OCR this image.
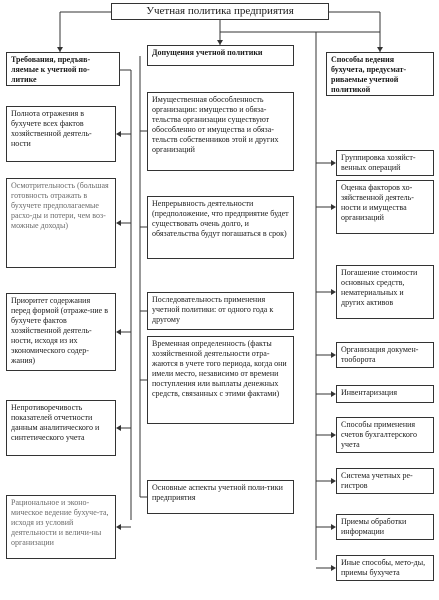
Учетная политика предприятия
Требования, предъяв-ляемые к учетной по-литике
Полнота отражения в бухучете всех фактов хозяйственной деятель-ности
Осмотрительность (большая готовность отражать в бухучете предполагаемые расхо-ды и потери, чем воз-можные доходы)
Приоритет содержания перед формой (отраже-ние в бухучете фактов хозяйственной деятель-ности, исходя из их экономического содер-жания)
Непротиворечивость показателей отчетности данным аналитического и синтетического учета
Рациональное и эконо-мическое ведение бухуче-та, исходя из условий деятельности и величи-ны организации
Допущения учетной политики
Имущественная обособленность организации: имущество и обяза-тельства организации существуют обособленно от имущества и обяза-тельств собственников этой и других организаций
Непрерывность деятельности (предположение, что предприятие будет существовать очень долго, и обязательства будут погашаться в срок)
Последовательность применения учетной политики: от одного года к другому
Временная определенность (факты хозяйственной деятельности отра-жаются в учете того периода, когда они имели место, независимо от времени поступления или выплаты денежных средств, связанных с этими фактами)
Основные аспекты учетной поли-тики предприятия
Способы ведения бухучета, предусмат-риваемые учетной политикой
Группировка хозяйст-венных операций
Оценка факторов хо-зяйственной деятель-ности и имущества организаций
Погашение стоимости основных средств, нематериальных и других активов
Организация докумен-тооборота
Инвентаризация
Способы применения счетов бухгалтерского учета
Система учетных ре-гистров
Приемы обработки информации
Иные способы, мето-ды, приемы бухучета
